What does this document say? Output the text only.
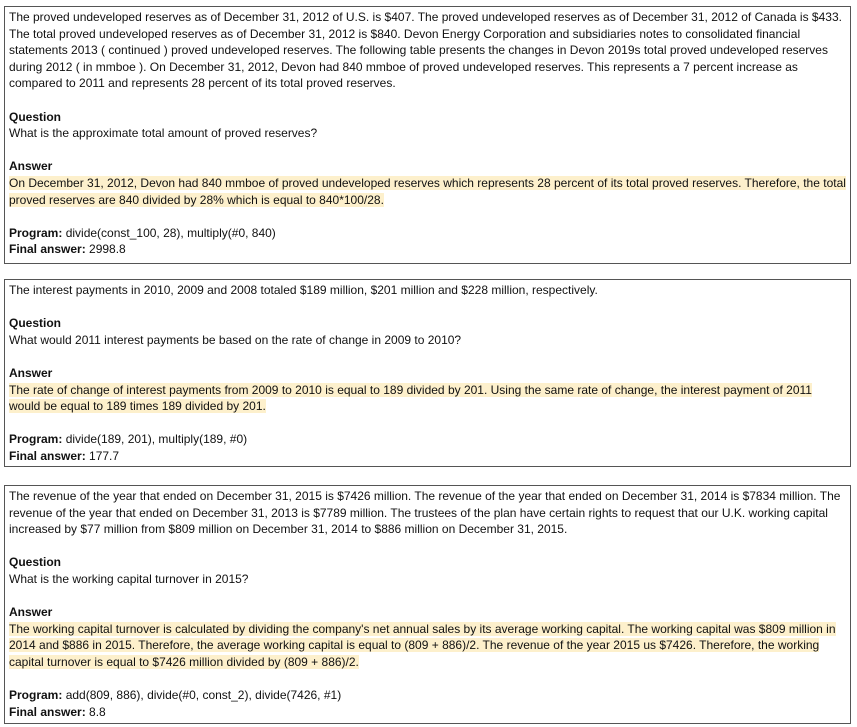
The proved undeveloped reserves as of December 31, 2012 of U.S. is $407. The proved undeveloped reserves as of December 31, 2012 of Canada is $433. The total proved undeveloped reserves as of December 31, 2012 is $840. Devon Energy Corporation and subsidiaries notes to consolidated financial statements 2013 ( continued ) proved undeveloped reserves. The following table presents the changes in Devon 2019s total proved undeveloped reserves during 2012 ( in mmboe ). On December 31, 2012, Devon had 840 mmboe of proved undeveloped reserves. This represents a 7 percent increase as compared to 2011 and represents 28 percent of its total proved reserves.

Question

What is the approximate total amount of proved reserves?

Answer

On December 31, 2012, Devon had 840 mmboe of proved undeveloped reserves which represents 28 percent of its total proved reserves. Therefore, the total proved reserves are 840 divided by 28% which is equal to 840*100/28.

Program: divide(const_100, 28), multiply(#0, 840)

Final answer: 2998.8

The interest payments in 2010, 2009 and 2008 totaled $189 million, $201 million and $228 million, respectively.

Question

What would 2011 interest payments be based on the rate of change in 2009 to 2010?

Answer

The rate of change of interest payments from 2009 to 2010 is equal to 189 divided by 201. Using the same rate of change, the interest payment of 2011 would be equal to 189 times 189 divided by 201.

Program: divide(189, 201), multiply(189, #0)

Final answer: 177.7

The revenue of the year that ended on December 31, 2015 is $7426 million. The revenue of the year that ended on December 31, 2014 is $7834 million. The revenue of the year that ended on December 31, 2013 is $7789 million. The trustees of the plan have certain rights to request that our U.K. working capital increased by $77 million from $809 million on December 31, 2014 to $886 million on December 31, 2015.

Question

What is the working capital turnover in 2015?

Answer

The working capital turnover is calculated by dividing the company's net annual sales by its average working capital. The working capital was $809 million in 2014 and $886 in 2015. Therefore, the average working capital is equal to (809 + 886)/2. The revenue of the year 2015 us $7426. Therefore, the working capital turnover is equal to $7426 million divided by (809 + 886)/2.

Program: add(809, 886), divide(#0, const_2), divide(7426, #1)

Final answer: 8.8
